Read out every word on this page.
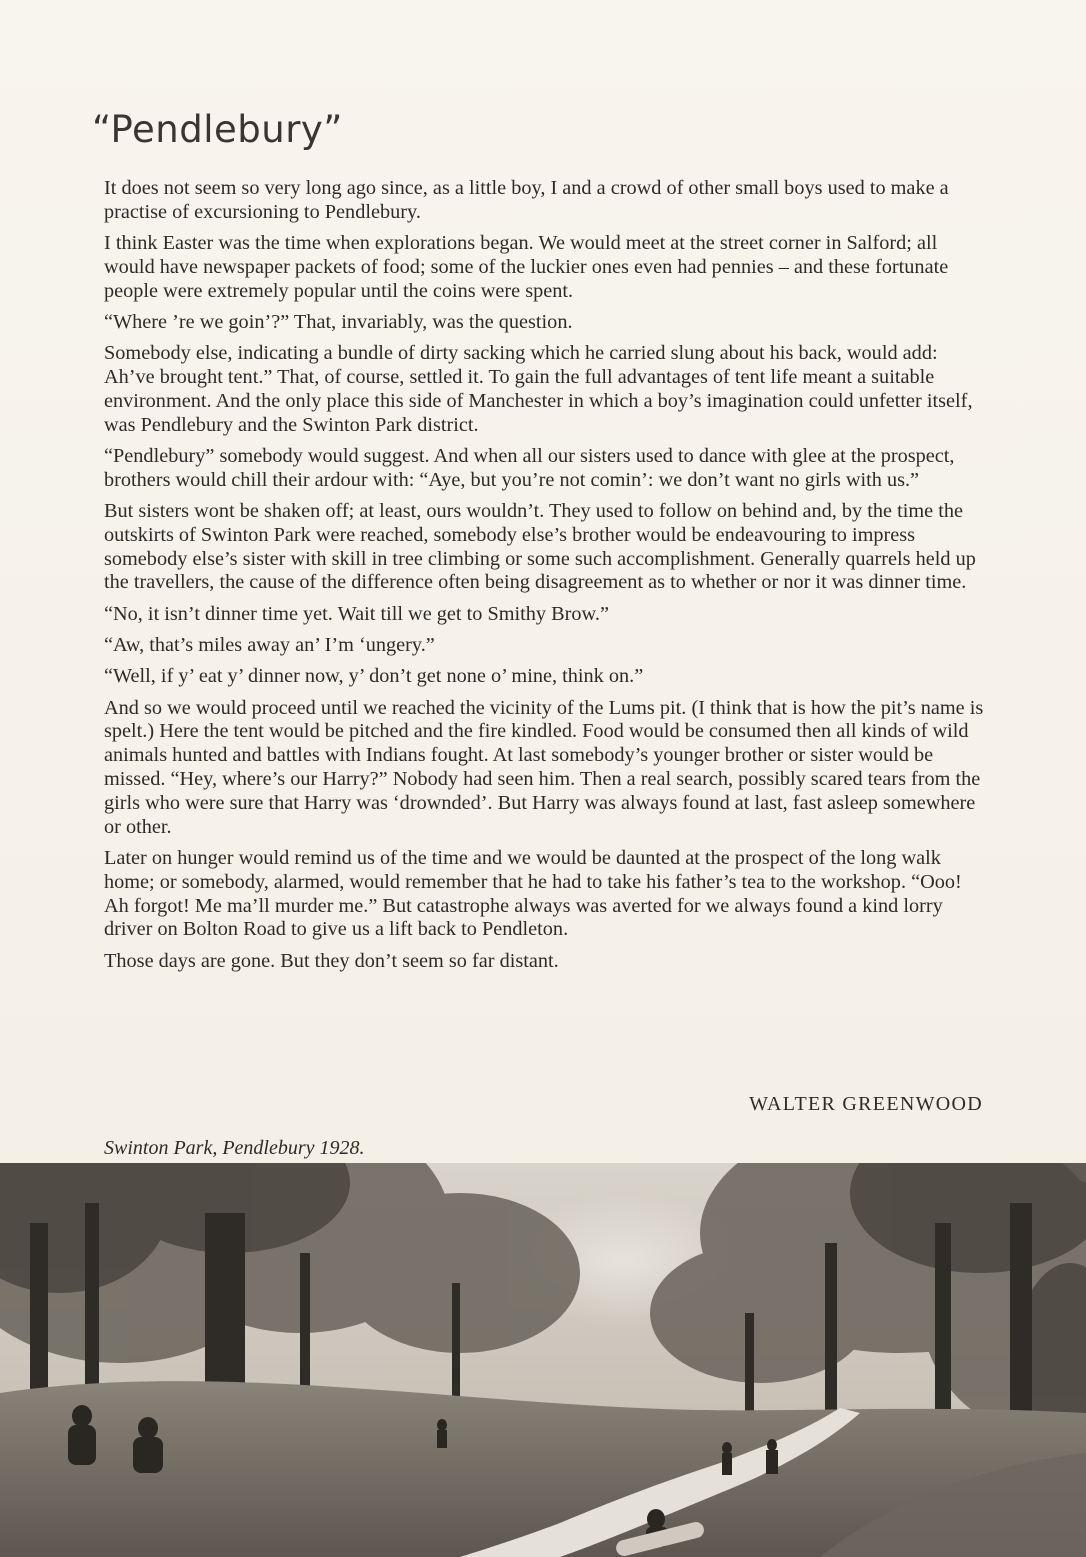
“Pendlebury”

It does not seem so very long ago since, as a little boy, I and a crowd of other small boys used to make a practise of excursioning to Pendlebury.

I think Easter was the time when explorations began. We would meet at the street corner in Salford; all would have newspaper packets of food; some of the luckier ones even had pennies – and these fortunate people were extremely popular until the coins were spent.

“Where ’re we goin’?” That, invariably, was the question.

Somebody else, indicating a bundle of dirty sacking which he carried slung about his back, would add: Ah’ve brought tent.” That, of course, settled it. To gain the full advantages of tent life meant a suitable environment. And the only place this side of Manchester in which a boy’s imagination could unfetter itself, was Pendlebury and the Swinton Park district.

“Pendlebury” somebody would suggest. And when all our sisters used to dance with glee at the prospect, brothers would chill their ardour with: “Aye, but you’re not comin’: we don’t want no girls with us.”

But sisters wont be shaken off; at least, ours wouldn’t. They used to follow on behind and, by the time the outskirts of Swinton Park were reached, somebody else’s brother would be endeavouring to impress somebody else’s sister with skill in tree climbing or some such accomplishment. Generally quarrels held up the travellers, the cause of the difference often being disagreement as to whether or nor it was dinner time.

“No, it isn’t dinner time yet. Wait till we get to Smithy Brow.”

“Aw, that’s miles away an’ I’m ‘ungery.”

“Well, if y’ eat y’ dinner now, y’ don’t get none o’ mine, think on.”

And so we would proceed until we reached the vicinity of the Lums pit. (I think that is how the pit’s name is spelt.) Here the tent would be pitched and the fire kindled. Food would be consumed then all kinds of wild animals hunted and battles with Indians fought. At last somebody’s younger brother or sister would be missed. “Hey, where’s our Harry?” Nobody had seen him. Then a real search, possibly scared tears from the girls who were sure that Harry was ‘drownded’. But Harry was always found at last, fast asleep somewhere or other.

Later on hunger would remind us of the time and we would be daunted at the prospect of the long walk home; or somebody, alarmed, would remember that he had to take his father’s tea to the workshop. “Ooo! Ah forgot! Me ma’ll murder me.” But catastrophe always was averted for we always found a kind lorry driver on Bolton Road to give us a lift back to Pendleton.

Those days are gone. But they don’t seem so far distant.

WALTER GREENWOOD
Swinton Park, Pendlebury 1928.
